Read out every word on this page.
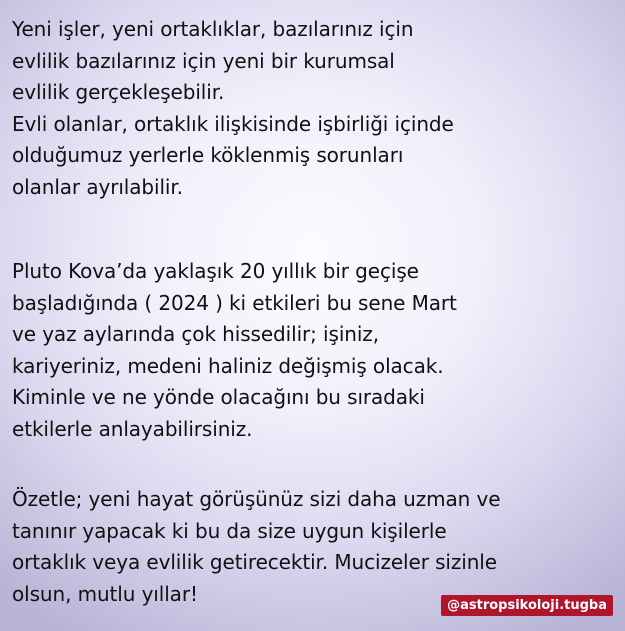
Yeni işler, yeni ortaklıklar, bazılarınız için
evlilik bazılarınız için yeni bir kurumsal
evlilik gerçekleşebilir.
Evli olanlar, ortaklık ilişkisinde işbirliği içinde
olduğumuz yerlerle köklenmiş sorunları
olanlar ayrılabilir.

Pluto Kova’da yaklaşık 20 yıllık bir geçişe
başladığında ( 2024 ) ki etkileri bu sene Mart
ve yaz aylarında çok hissedilir; işiniz,
kariyeriniz, medeni haliniz değişmiş olacak.
Kiminle ve ne yönde olacağını bu sıradaki
etkilerle anlayabilirsiniz.

Özetle; yeni hayat görüşünüz sizi daha uzman ve
tanınır yapacak ki bu da size uygun kişilerle
ortaklık veya evlilik getirecektir. Mucizeler sizinle
olsun, mutlu yıllar!	@astropsikoloji.tugba
